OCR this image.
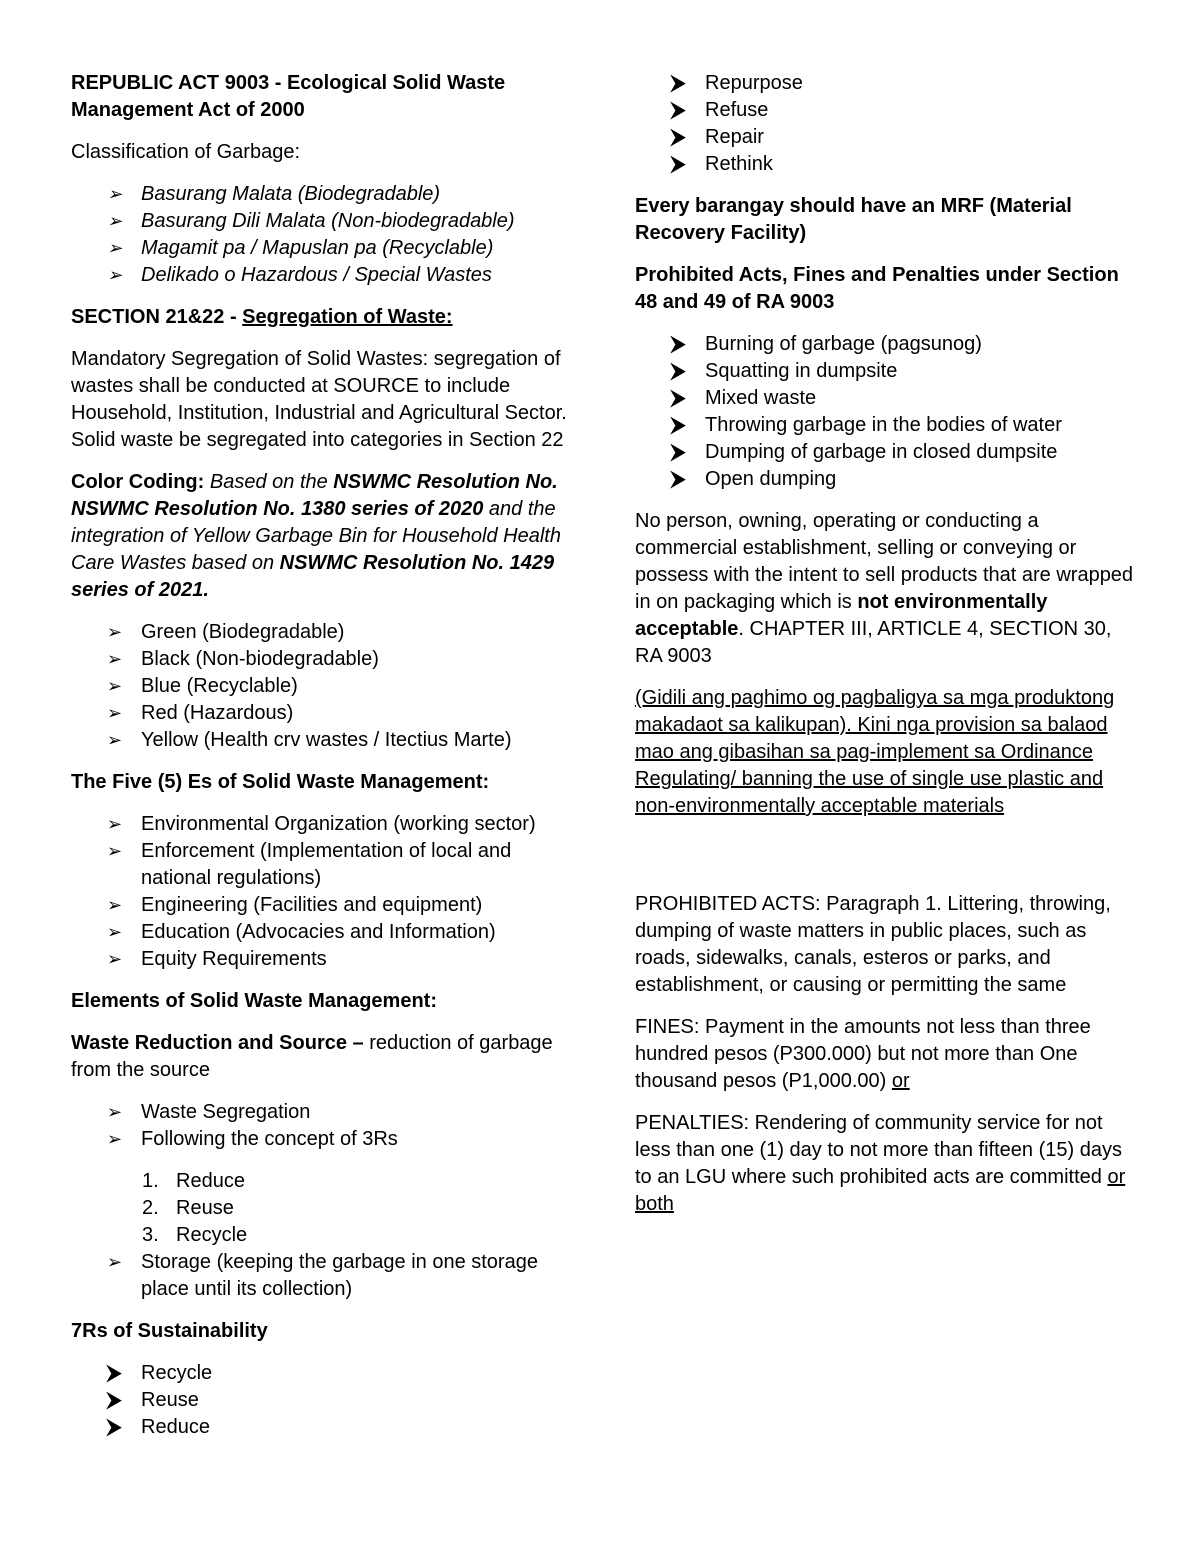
REPUBLIC ACT 9003 - Ecological Solid Waste
Management Act of 2000

Classification of Garbage:

➢ Basurang Malata (Biodegradable)
➢ Basurang Dili Malata (Non-biodegradable)
➢ Magamit pa / Mapuslan pa (Recyclable)
➢ Delikado o Hazardous / Special Wastes

SECTION 21&22 - Segregation of Waste:

Mandatory Segregation of Solid Wastes: segregation of wastes shall be conducted at SOURCE to include Household, Institution, Industrial and Agricultural Sector. Solid waste be segregated into categories in Section 22

Color Coding: Based on the NSWMC Resolution No. NSWMC Resolution No. 1380 series of 2020 and the integration of Yellow Garbage Bin for Household Health Care Wastes based on NSWMC Resolution No. 1429 series of 2021.

➢ Green (Biodegradable)
➢ Black (Non-biodegradable)
➢ Blue (Recyclable)
➢ Red (Hazardous)
➢ Yellow (Health crv wastes / Itectius Marte)

The Five (5) Es of Solid Waste Management:

➢ Environmental Organization (working sector)
➢ Enforcement (Implementation of local and national regulations)
➢ Engineering (Facilities and equipment)
➢ Education (Advocacies and Information)
➢ Equity Requirements

Elements of Solid Waste Management:

Waste Reduction and Source – reduction of garbage from the source

➢ Waste Segregation
➢ Following the concept of 3Rs
1. Reduce
2. Reuse
3. Recycle
➢ Storage (keeping the garbage in one storage place until its collection)

7Rs of Sustainability

⮞ Recycle
⮞ Reuse
⮞ Reduce
⮞ Repurpose
⮞ Refuse
⮞ Repair
⮞ Rethink

Every barangay should have an MRF (Material Recovery Facility)

Prohibited Acts, Fines and Penalties under Section 48 and 49 of RA 9003

⮞ Burning of garbage (pagsunog)
⮞ Squatting in dumpsite
⮞ Mixed waste
⮞ Throwing garbage in the bodies of water
⮞ Dumping of garbage in closed dumpsite
⮞ Open dumping

No person, owning, operating or conducting a commercial establishment, selling or conveying or possess with the intent to sell products that are wrapped in on packaging which is not environmentally acceptable. CHAPTER III, ARTICLE 4, SECTION 30, RA 9003

(Gidili ang paghimo og pagbaligya sa mga produktong makadaot sa kalikupan). Kini nga provision sa balaod mao ang gibasihan sa pag-implement sa Ordinance Regulating/ banning the use of single use plastic and non-environmentally acceptable materials

PROHIBITED ACTS: Paragraph 1. Littering, throwing, dumping of waste matters in public places, such as roads, sidewalks, canals, esteros or parks, and establishment, or causing or permitting the same

FINES: Payment in the amounts not less than three hundred pesos (P300.000) but not more than One thousand pesos (P1,000.00) or

PENALTIES: Rendering of community service for not less than one (1) day to not more than fifteen (15) days to an LGU where such prohibited acts are committed or both
